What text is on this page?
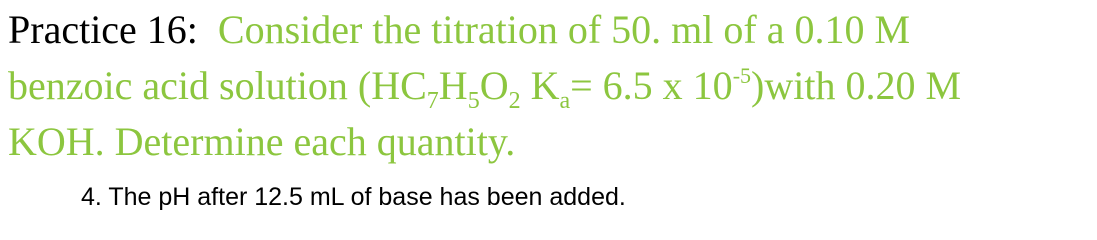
Practice 16: Consider the titration of 50. ml of a 0.10 M
benzoic acid solution ($HC_7H_5O_2$ $K_a= 6.5$ x $10^{-5})with$ 0.20 M
KOH. Determine each quantity.
4. The pH after 12.5 mL of base has been added.
